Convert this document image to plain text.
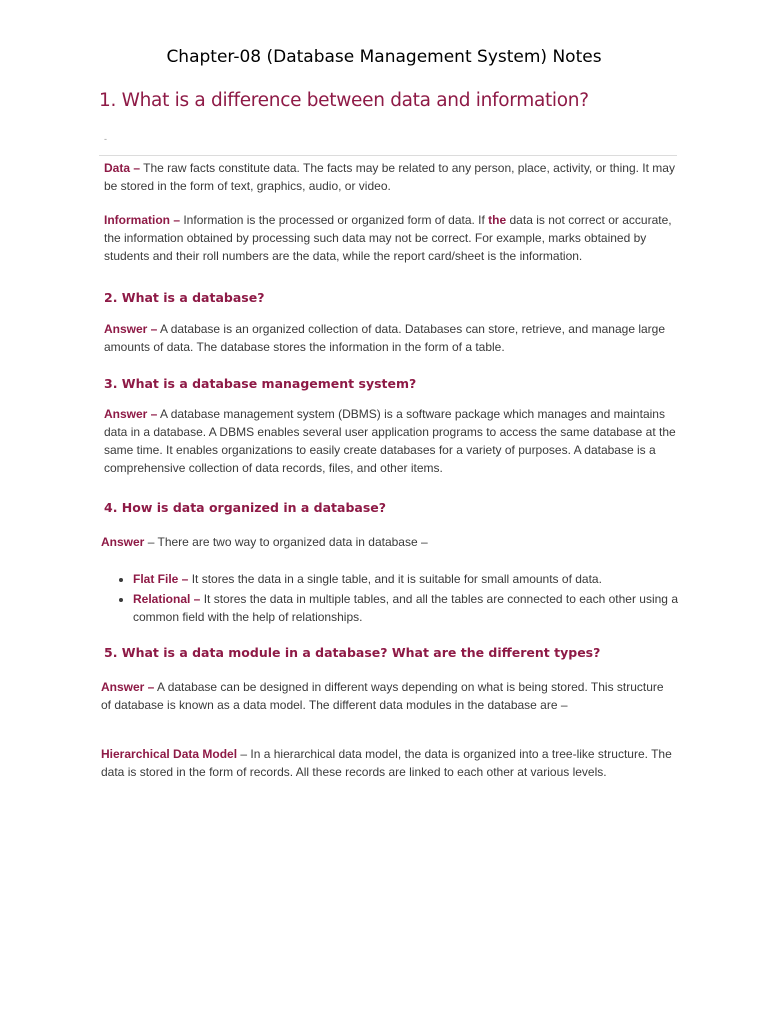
Chapter-08 (Database Management System) Notes
1. What is a difference between data and information?
-
Data – The raw facts constitute data. The facts may be related to any person, place, activity, or thing. It may be stored in the form of text, graphics, audio, or video.
Information – Information is the processed or organized form of data. If the data is not correct or accurate, the information obtained by processing such data may not be correct. For example, marks obtained by students and their roll numbers are the data, while the report card/sheet is the information.
2. What is a database?
Answer – A database is an organized collection of data. Databases can store, retrieve, and manage large amounts of data. The database stores the information in the form of a table.
3. What is a database management system?
Answer – A database management system (DBMS) is a software package which manages and maintains data in a database. A DBMS enables several user application programs to access the same database at the same time. It enables organizations to easily create databases for a variety of purposes. A database is a comprehensive collection of data records, files, and other items.
4. How is data organized in a database?
Answer – There are two way to organized data in database –
• Flat File – It stores the data in a single table, and it is suitable for small amounts of data.
• Relational – It stores the data in multiple tables, and all the tables are connected to each other using a common field with the help of relationships.
5. What is a data module in a database? What are the different types?
Answer – A database can be designed in different ways depending on what is being stored. This structure of database is known as a data model. The different data modules in the database are –
Hierarchical Data Model – In a hierarchical data model, the data is organized into a tree-like structure. The data is stored in the form of records. All these records are linked to each other at various levels.
